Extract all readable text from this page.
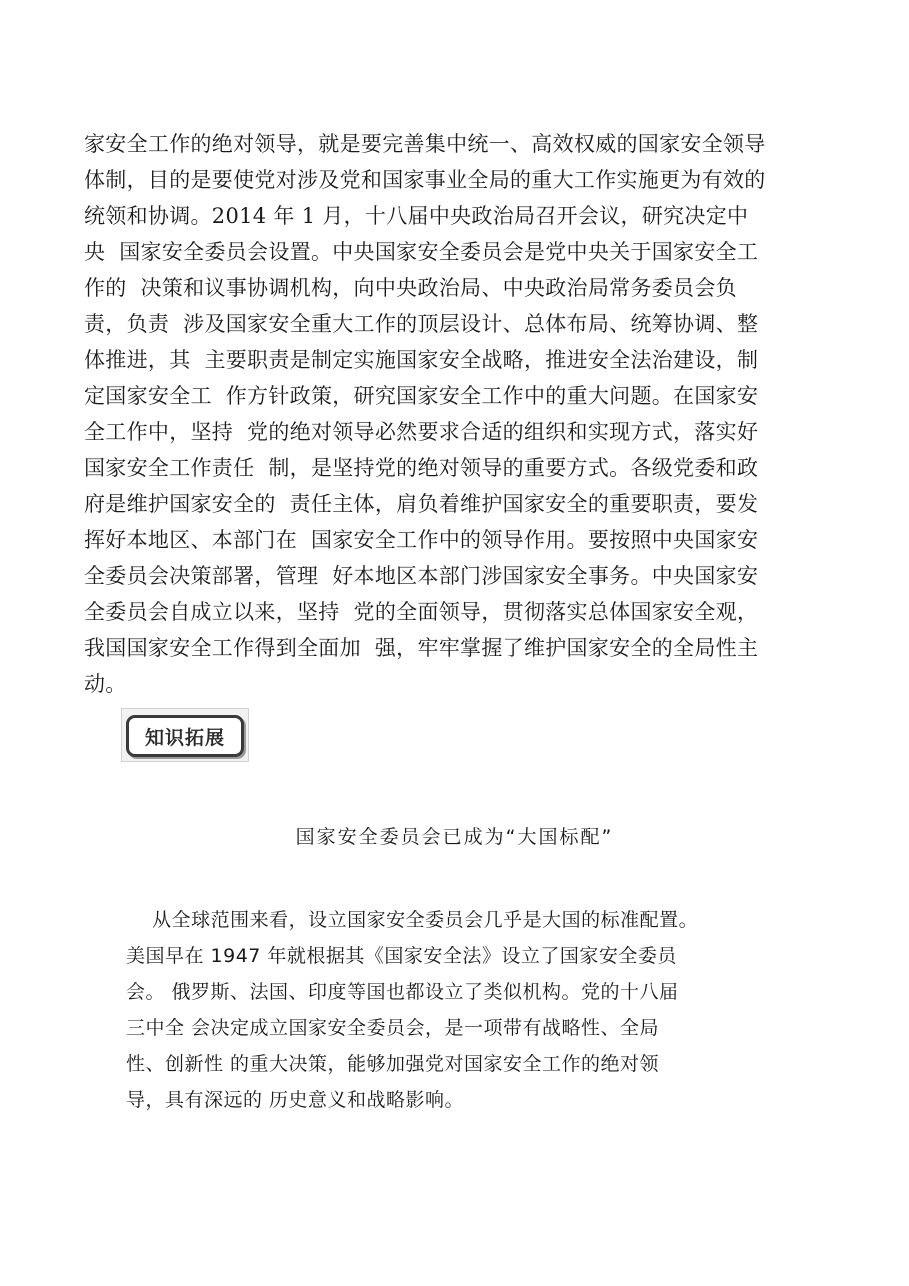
家安全工作的绝对领导，就是要完善集中统一、高效权威的国家安全领导
体制，目的是要使党对涉及党和国家事业全局的重大工作实施更为有效的
统领和协调。2014 年 1 月，十八届中央政治局召开会议，研究决定中
央  国家安全委员会设置。中央国家安全委员会是党中央关于国家安全工
作的  决策和议事协调机构，向中央政治局、中央政治局常务委员会负
责，负责  涉及国家安全重大工作的顶层设计、总体布局、统筹协调、整
体推进，其  主要职责是制定实施国家安全战略，推进安全法治建设，制
定国家安全工  作方针政策，研究国家安全工作中的重大问题。在国家安
全工作中，坚持  党的绝对领导必然要求合适的组织和实现方式，落实好
国家安全工作责任  制，是坚持党的绝对领导的重要方式。各级党委和政
府是维护国家安全的  责任主体，肩负着维护国家安全的重要职责，要发
挥好本地区、本部门在  国家安全工作中的领导作用。要按照中央国家安
全委员会决策部署，管理  好本地区本部门涉国家安全事务。中央国家安
全委员会自成立以来，坚持  党的全面领导，贯彻落实总体国家安全观，
我国国家安全工作得到全面加  强，牢牢掌握了维护国家安全的全局性主
动。
知识拓展
国家安全委员会已成为“大国标配”
从全球范围来看，设立国家安全委员会几乎是大国的标准配置。
美国早在 1947 年就根据其《国家安全法》设立了国家安全委员
会。 俄罗斯、法国、印度等国也都设立了类似机构。党的十八届
三中全 会决定成立国家安全委员会，是一项带有战略性、全局
性、创新性 的重大决策，能够加强党对国家安全工作的绝对领
导，具有深远的 历史意义和战略影响。
